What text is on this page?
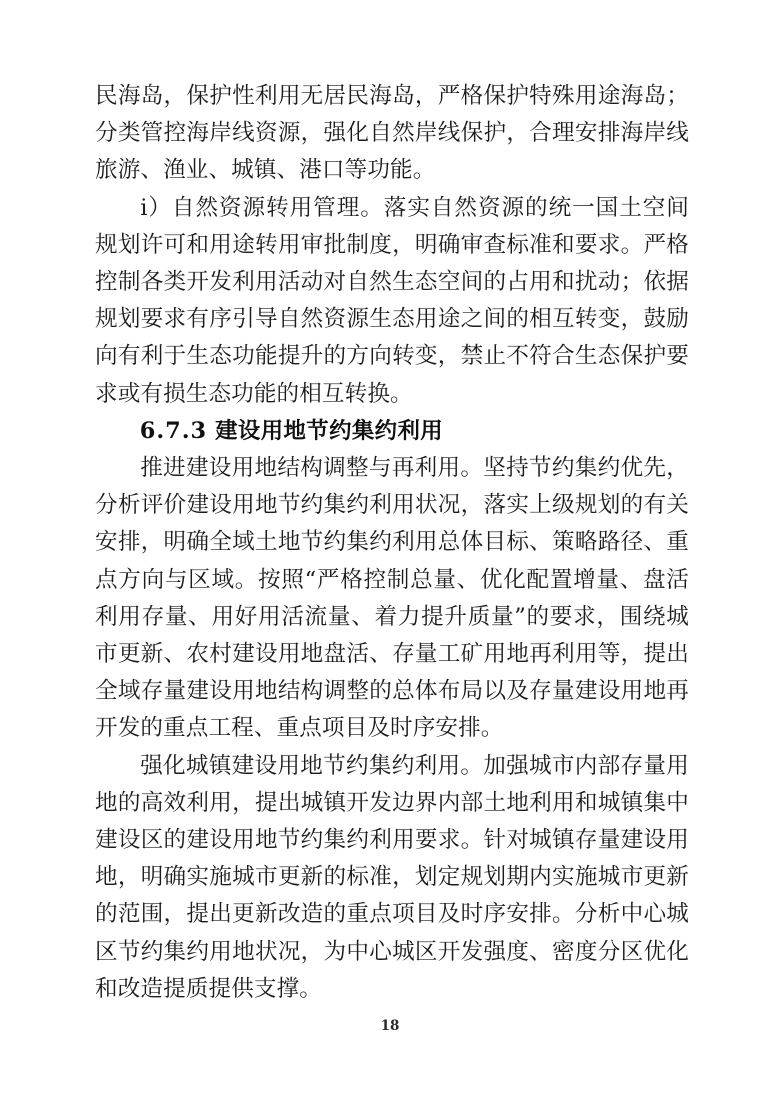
民海岛，保护性利用无居民海岛，严格保护特殊用途海岛；分类管控海岸线资源，强化自然岸线保护，合理安排海岸线旅游、渔业、城镇、港口等功能。

i）自然资源转用管理。落实自然资源的统一国土空间规划许可和用途转用审批制度，明确审查标准和要求。严格控制各类开发利用活动对自然生态空间的占用和扰动；依据规划要求有序引导自然资源生态用途之间的相互转变，鼓励向有利于生态功能提升的方向转变，禁止不符合生态保护要求或有损生态功能的相互转换。

6.7.3 建设用地节约集约利用

推进建设用地结构调整与再利用。坚持节约集约优先，分析评价建设用地节约集约利用状况，落实上级规划的有关安排，明确全域土地节约集约利用总体目标、策略路径、重点方向与区域。按照“严格控制总量、优化配置增量、盘活利用存量、用好用活流量、着力提升质量”的要求，围绕城市更新、农村建设用地盘活、存量工矿用地再利用等，提出全域存量建设用地结构调整的总体布局以及存量建设用地再开发的重点工程、重点项目及时序安排。

强化城镇建设用地节约集约利用。加强城市内部存量用地的高效利用，提出城镇开发边界内部土地利用和城镇集中建设区的建设用地节约集约利用要求。针对城镇存量建设用地，明确实施城市更新的标准，划定规划期内实施城市更新的范围，提出更新改造的重点项目及时序安排。分析中心城区节约集约用地状况，为中心城区开发强度、密度分区优化和改造提质提供支撑。

18
